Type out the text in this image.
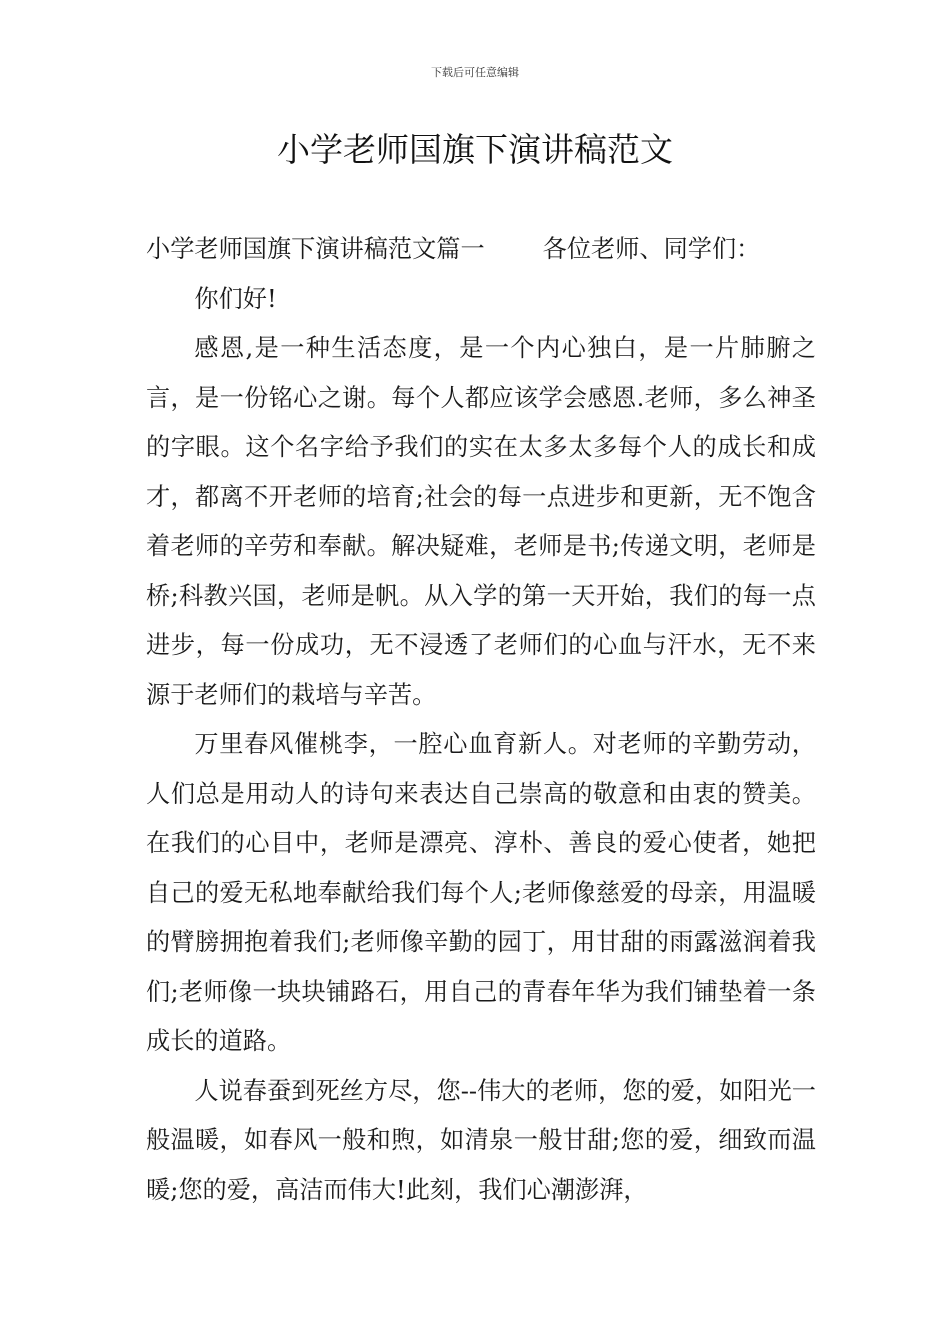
下载后可任意编辑
小学老师国旗下演讲稿范文

小学老师国旗下演讲稿范文篇一 各位老师、同学们：

你们好!

感恩,是一种生活态度，是一个内心独白，是一片肺腑之言，是一份铭心之谢。每个人都应该学会感恩.老师，多么神圣的字眼。这个名字给予我们的实在太多太多每个人的成长和成才，都离不开老师的培育;社会的每一点进步和更新，无不饱含着老师的辛劳和奉献。解决疑难，老师是书;传递文明，老师是桥;科教兴国，老师是帆。从入学的第一天开始，我们的每一点进步，每一份成功，无不浸透了老师们的心血与汗水，无不来源于老师们的栽培与辛苦。

万里春风催桃李，一腔心血育新人。对老师的辛勤劳动，人们总是用动人的诗句来表达自己崇高的敬意和由衷的赞美。在我们的心目中，老师是漂亮、淳朴、善良的爱心使者，她把自己的爱无私地奉献给我们每个人;老师像慈爱的母亲，用温暖的臂膀拥抱着我们;老师像辛勤的园丁，用甘甜的雨露滋润着我们;老师像一块块铺路石，用自己的青春年华为我们铺垫着一条成长的道路。

人说春蚕到死丝方尽，您--伟大的老师，您的爱，如阳光一般温暖，如春风一般和煦，如清泉一般甘甜;您的爱，细致而温暖;您的爱，高洁而伟大!此刻，我们心潮澎湃，
